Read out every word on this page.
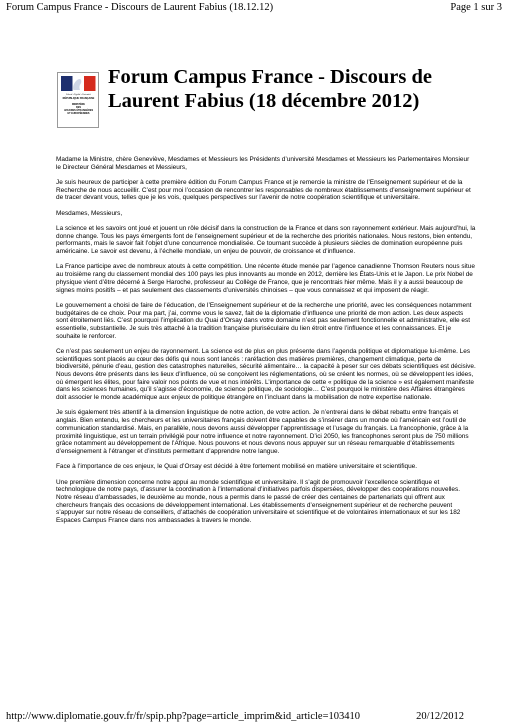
Forum Campus France - Discours de Laurent Fabius (18.12.12)	Page 1 sur 3
Liberté • Égalité • Fraternité
RÉPUBLIQUE FRANÇAISE
MINISTÈRE
DES
AFFAIRES ÉTRANGÈRES
ET EUROPÉENNES
Forum Campus France - Discours de Laurent Fabius (18 décembre 2012)

Madame la Ministre, chère Geneviève, Mesdames et Messieurs les Présidents d’université Mesdames et Messieurs les Parlementaires Monsieur le Directeur Général Mesdames et Messieurs,

Je suis heureux de participer à cette première édition du Forum Campus France et je remercie la ministre de l’Enseignement supérieur et de la Recherche de nous accueillir. C’est pour moi l’occasion de rencontrer les responsables de nombreux établissements d’enseignement supérieur et de tracer devant vous, telles que je les vois, quelques perspectives sur l’avenir de notre coopération scientifique et universitaire.

Mesdames, Messieurs,

La science et les savoirs ont joué et jouent un rôle décisif dans la construction de la France et dans son rayonnement extérieur. Mais aujourd’hui, la donne change. Tous les pays émergents font de l’enseignement supérieur et de la recherche des priorités nationales. Nous restons, bien entendu, performants, mais le savoir fait l’objet d’une concurrence mondialisée. Ce tournant succède à plusieurs siècles de domination européenne puis américaine. Le savoir est devenu, à l’échelle mondiale, un enjeu de pouvoir, de croissance et d’influence.

La France participe avec de nombreux atouts à cette compétition. Une récente étude menée par l’agence canadienne Thomson Reuters nous situe au troisième rang du classement mondial des 100 pays les plus innovants au monde en 2012, derrière les États-Unis et le Japon. Le prix Nobel de physique vient d’être décerné à Serge Haroche, professeur au Collège de France, que je rencontrais hier même. Mais il y a aussi beaucoup de signes moins positifs – et pas seulement des classements d’universités chinoises – que vous connaissez et qui imposent de réagir.

Le gouvernement a choisi de faire de l’éducation, de l’Enseignement supérieur et de la recherche une priorité, avec les conséquences notamment budgétaires de ce choix. Pour ma part, j’ai, comme vous le savez, fait de la diplomatie d’influence une priorité de mon action. Les deux aspects sont étroitement liés. C’est pourquoi l’implication du Quai d’Orsay dans votre domaine n’est pas seulement fonctionnelle et administrative, elle est essentielle, substantielle. Je suis très attaché à la tradition française pluriséculaire du lien étroit entre l’influence et les connaissances. Et je souhaite le renforcer.

Ce n’est pas seulement un enjeu de rayonnement. La science est de plus en plus présente dans l’agenda politique et diplomatique lui-même. Les scientifiques sont placés au cœur des défis qui nous sont lancés : raréfaction des matières premières, changement climatique, perte de biodiversité, pénurie d’eau, gestion des catastrophes naturelles, sécurité alimentaire… la capacité à peser sur ces débats scientifiques est décisive. Nous devons être présents dans les lieux d’influence, où se conçoivent les réglementations, où se créent les normes, où se développent les idées, où émergent les élites, pour faire valoir nos points de vue et nos intérêts. L’importance de cette « politique de la science » est également manifeste dans les sciences humaines, qu’il s’agisse d’économie, de science politique, de sociologie… C’est pourquoi le ministère des Affaires étrangères doit associer le monde académique aux enjeux de politique étrangère en l’incluant dans la mobilisation de notre expertise nationale.

Je suis également très attentif à la dimension linguistique de notre action, de votre action. Je n’entrerai dans le débat rebattu entre français et anglais. Bien entendu, les chercheurs et les universitaires français doivent être capables de s’insérer dans un monde où l’américain est l’outil de communication standardisé. Mais, en parallèle, nous devons aussi développer l’apprentissage et l’usage du français. La francophonie, grâce à la proximité linguistique, est un terrain privilégié pour notre influence et notre rayonnement. D’ici 2050, les francophones seront plus de 750 millions grâce notamment au développement de l’Afrique. Nous pouvons et nous devons nous appuyer sur un réseau remarquable d’établissements d’enseignement à l’étranger et d’instituts permettant d’apprendre notre langue.

Face à l’importance de ces enjeux, le Quai d’Orsay est décidé à être fortement mobilisé en matière universitaire et scientifique.

Une première dimension concerne notre appui au monde scientifique et universitaire. Il s’agit de promouvoir l’excellence scientifique et technologique de notre pays, d’assurer la coordination à l’international d’initiatives parfois dispersées, développer des coopérations nouvelles. Notre réseau d’ambassades, le deuxième au monde, nous a permis dans le passé de créer des centaines de partenariats qui offrent aux chercheurs français des occasions de développement international. Les établissements d’enseignement supérieur et de recherche peuvent s’appuyer sur notre réseau de conseillers, d’attachés de coopération universitaire et scientifique et de volontaires internationaux et sur les 182 Espaces Campus France dans nos ambassades à travers le monde.

http://www.diplomatie.gouv.fr/fr/spip.php?page=article_imprim&id_article=103410	20/12/2012
